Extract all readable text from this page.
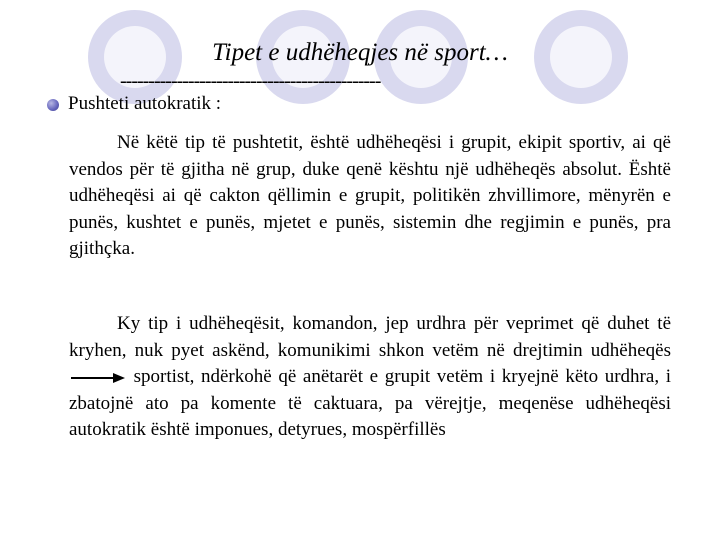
Tipet e udhëheqjes në sport…
----------------------------------------------
Pushteti autokratik :
Në këtë tip të pushtetit, është udhëheqësi i grupit, ekipit sportiv, ai që vendos për të gjitha në grup, duke qenë kështu një udhëheqës absolut. Është udhëheqësi ai që cakton qëllimin e grupit, politikën zhvillimore, mënyrën e punës, kushtet e punës, mjetet e punës, sistemin dhe regjimin e punës, pra gjithçka.
Ky tip i udhëheqësit, komandon, jep urdhra për veprimet që duhet të kryhen, nuk pyet askënd, komunikimi shkon vetëm në drejtimin udhëheqës
sportist, ndërkohë që anëtarët e grupit vetëm i kryejnë këto urdhra, i zbatojnë ato pa komente të caktuara, pa vërejtje, meqenëse udhëheqësi autokratik është imponues, detyrues, mospërfillës
